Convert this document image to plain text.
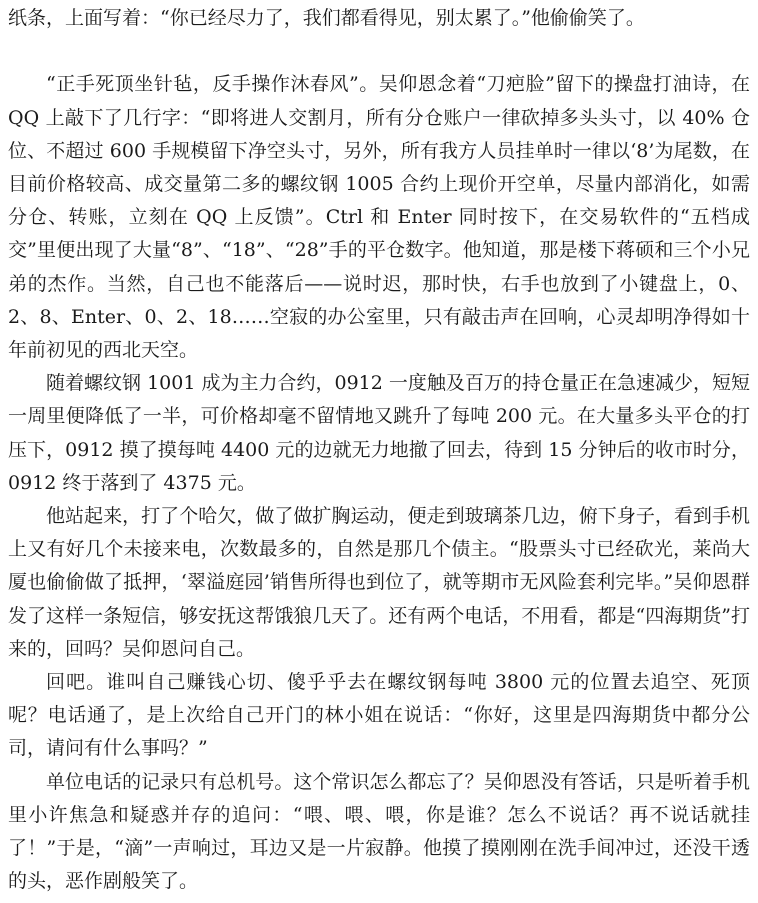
纸条，上面写着：“你已经尽力了，我们都看得见，别太累了。”他偷偷笑了。

“正手死顶坐针毡，反手操作沐春风”。吴仰恩念着“刀疤脸”留下的操盘打油诗，在 QQ 上敲下了几行字：“即将进人交割月，所有分仓账户一律砍掉多头头寸，以 40% 仓位、不超过 600 手规模留下净空头寸，另外，所有我方人员挂单时一律以‘8’为尾数，在目前价格较高、成交量第二多的螺纹钢 1005 合约上现价开空单，尽量内部消化，如需分仓、转账，立刻在 QQ 上反馈”。Ctrl 和 Enter 同时按下，在交易软件的“五档成交”里便出现了大量“8”、“18”、“28”手的平仓数字。他知道，那是楼下蒋硕和三个小兄弟的杰作。当然，自己也不能落后——说时迟，那时快，右手也放到了小键盘上，0、2、8、Enter、0、2、18……空寂的办公室里，只有敲击声在回响，心灵却明净得如十年前初见的西北天空。

随着螺纹钢 1001 成为主力合约，0912 一度触及百万的持仓量正在急速减少，短短一周里便降低了一半，可价格却毫不留情地又跳升了每吨 200 元。在大量多头平仓的打压下，0912 摸了摸每吨 4400 元的边就无力地撤了回去，待到 15 分钟后的收市时分，0912 终于落到了 4375 元。

他站起来，打了个哈欠，做了做扩胸运动，便走到玻璃茶几边，俯下身子，看到手机上又有好几个未接来电，次数最多的，自然是那几个债主。“股票头寸已经砍光，莱尚大厦也偷偷做了抵押，‘翠溢庭园’销售所得也到位了，就等期市无风险套利完毕。”吴仰恩群发了这样一条短信，够安抚这帮饿狼几天了。还有两个电话，不用看，都是“四海期货”打来的，回吗？吴仰恩问自己。

回吧。谁叫自己赚钱心切、傻乎乎去在螺纹钢每吨 3800 元的位置去追空、死顶呢？电话通了，是上次给自己开门的林小姐在说话：“你好，这里是四海期货中都分公司，请问有什么事吗？”

单位电话的记录只有总机号。这个常识怎么都忘了？吴仰恩没有答话，只是听着手机里小许焦急和疑惑并存的追问：“喂、喂、喂，你是谁？怎么不说话？再不说话就挂了！”于是，“滴”一声响过，耳边又是一片寂静。他摸了摸刚刚在洗手间冲过，还没干透的头，恶作剧般笑了。
